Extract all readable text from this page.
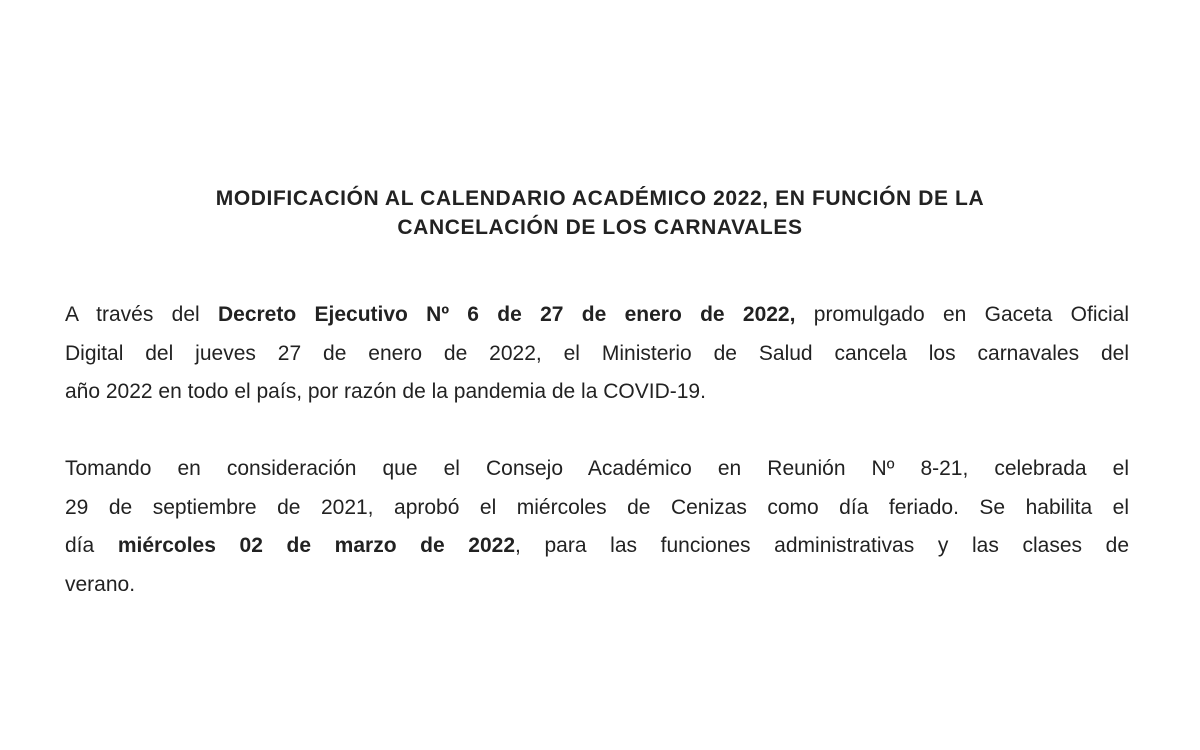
MODIFICACIÓN AL CALENDARIO ACADÉMICO 2022, EN FUNCIÓN DE LA
CANCELACIÓN DE LOS CARNAVALES
A través del Decreto Ejecutivo Nº 6 de 27 de enero de 2022, promulgado en Gaceta Oficial
Digital del jueves 27 de enero de 2022, el Ministerio de Salud cancela los carnavales del
año 2022 en todo el país, por razón de la pandemia de la COVID-19.
Tomando en consideración que el Consejo Académico en Reunión Nº 8-21, celebrada el
29 de septiembre de 2021, aprobó el miércoles de Cenizas como día feriado. Se habilita el
día miércoles 02 de marzo de 2022, para las funciones administrativas y las clases de
verano.
